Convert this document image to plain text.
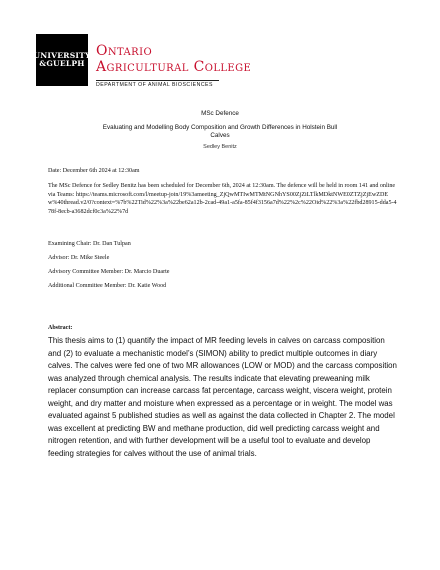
UNIVERSITY
&GUELPH
Ontario
Agricultural College
DEPARTMENT OF ANIMAL BIOSCIENCES
MSc Defence
Evaluating and Modelling Body Composition and Growth Differences in Holstein Bull Calves
Sedley Benitz
Date: December 6th 2024 at 12:30am
The MSc Defence for Sedley Benitz has been scheduled for December 6th, 2024 at 12:30am. The defence will be held in room 141 and online via Teams: https://teams.microsoft.com/l/meetup-join/19%3ameeting_ZjQwMTIwMTMtNGNhYS00ZjZiLTlkMDktNWE0ZTZjZjEwZDEw%40thread.v2/0?context=%7b%22Tid%22%3a%22be62a12b-2cad-49a1-a5fa-85f4f3156a7d%22%2c%22Oid%22%3a%22fbd28915-dda5-478f-8ecb-a3682dcf0c3a%22%7d
Examining Chair: Dr. Dan Tulpan
Advisor: Dr. Mike Steele
Advisory Committee Member: Dr. Marcio Duarte
Additional Committee Member: Dr. Katie Wood
Abstract:
This thesis aims to (1) quantify the impact of MR feeding levels in calves on carcass composition and (2) to evaluate a mechanistic model’s (SIMON) ability to predict multiple outcomes in diary calves. The calves were fed one of two MR allowances (LOW or MOD) and the carcass composition was analyzed through chemical analysis. The results indicate that elevating preweaning milk replacer consumption can increase carcass fat percentage, carcass weight, viscera weight, protein weight, and dry matter and moisture when expressed as a percentage or in weight. The model was evaluated against 5 published studies as well as against the data collected in Chapter 2. The model was excellent at predicting BW and methane production, did well predicting carcass weight and nitrogen retention, and with further development will be a useful tool to evaluate and develop feeding strategies for calves without the use of animal trials.
